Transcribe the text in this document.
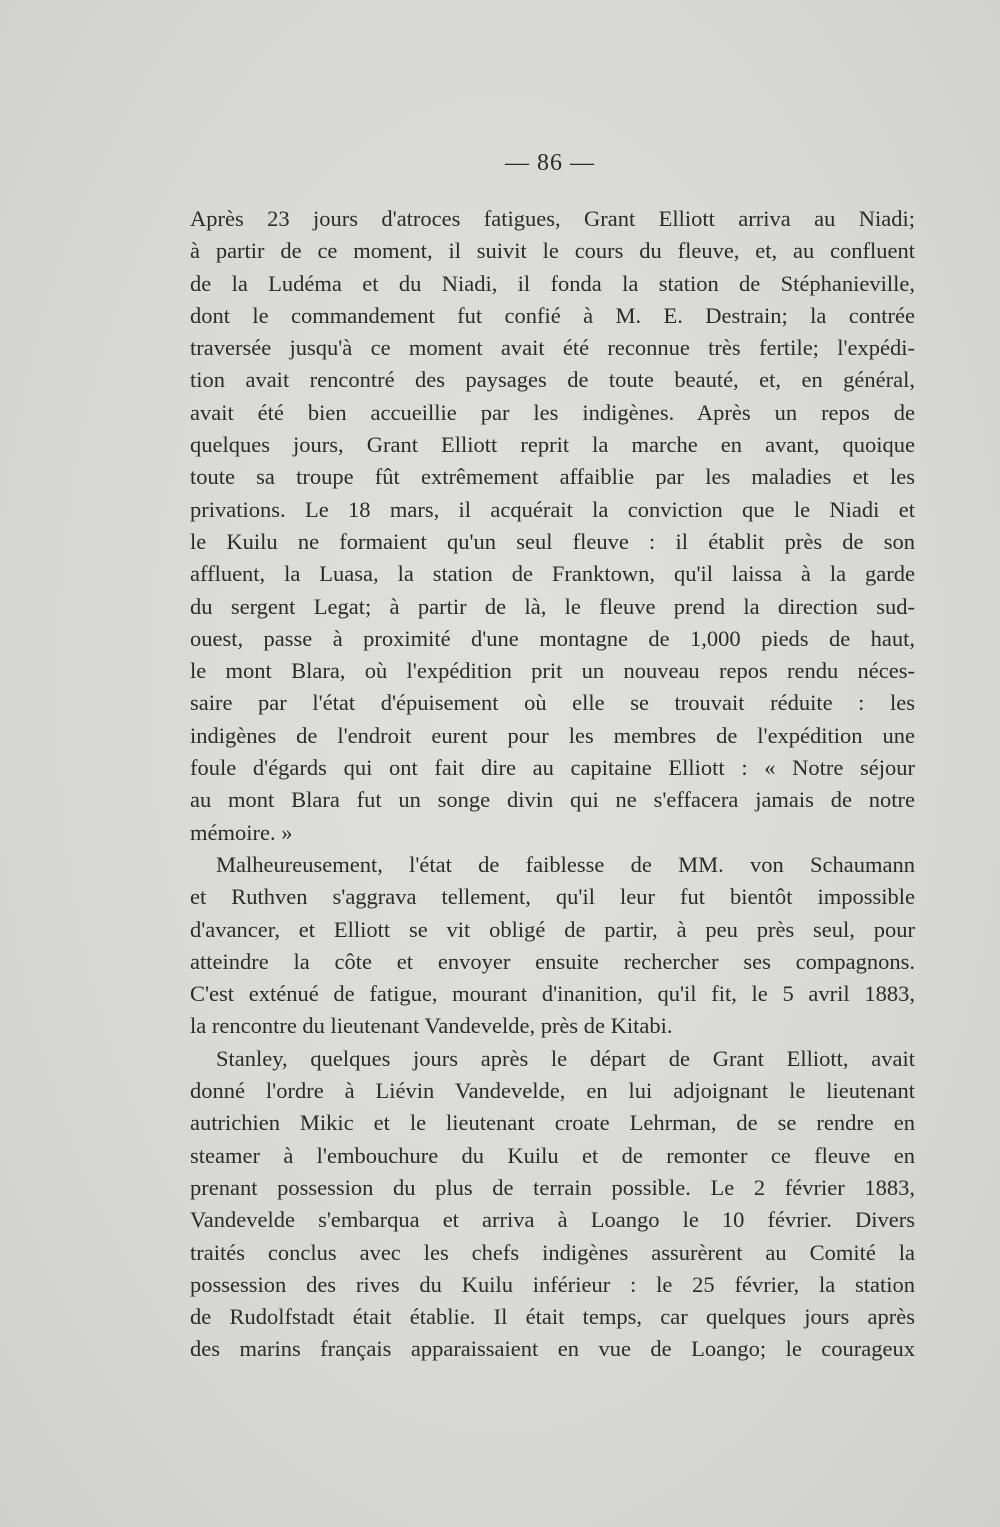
— 86 —
Après 23 jours d'atroces fatigues, Grant Elliott arriva au Niadi;
à partir de ce moment, il suivit le cours du fleuve, et, au confluent
de la Ludéma et du Niadi, il fonda la station de Stéphanieville,
dont le commandement fut confié à M. E. Destrain; la contrée
traversée jusqu'à ce moment avait été reconnue très fertile; l'expédi-
tion avait rencontré des paysages de toute beauté, et, en général,
avait été bien accueillie par les indigènes. Après un repos de
quelques jours, Grant Elliott reprit la marche en avant, quoique
toute sa troupe fût extrêmement affaiblie par les maladies et les
privations. Le 18 mars, il acquérait la conviction que le Niadi et
le Kuilu ne formaient qu'un seul fleuve : il établit près de son
affluent, la Luasa, la station de Franktown, qu'il laissa à la garde
du sergent Legat; à partir de là, le fleuve prend la direction sud-
ouest, passe à proximité d'une montagne de 1,000 pieds de haut,
le mont Blara, où l'expédition prit un nouveau repos rendu néces-
saire par l'état d'épuisement où elle se trouvait réduite : les
indigènes de l'endroit eurent pour les membres de l'expédition une
foule d'égards qui ont fait dire au capitaine Elliott : « Notre séjour
au mont Blara fut un songe divin qui ne s'effacera jamais de notre
mémoire. »
Malheureusement, l'état de faiblesse de MM. von Schaumann
et Ruthven s'aggrava tellement, qu'il leur fut bientôt impossible
d'avancer, et Elliott se vit obligé de partir, à peu près seul, pour
atteindre la côte et envoyer ensuite rechercher ses compagnons.
C'est exténué de fatigue, mourant d'inanition, qu'il fit, le 5 avril 1883,
la rencontre du lieutenant Vandevelde, près de Kitabi.
Stanley, quelques jours après le départ de Grant Elliott, avait
donné l'ordre à Liévin Vandevelde, en lui adjoignant le lieutenant
autrichien Mikic et le lieutenant croate Lehrman, de se rendre en
steamer à l'embouchure du Kuilu et de remonter ce fleuve en
prenant possession du plus de terrain possible. Le 2 février 1883,
Vandevelde s'embarqua et arriva à Loango le 10 février. Divers
traités conclus avec les chefs indigènes assurèrent au Comité la
possession des rives du Kuilu inférieur : le 25 février, la station
de Rudolfstadt était établie. Il était temps, car quelques jours après
des marins français apparaissaient en vue de Loango; le courageux
